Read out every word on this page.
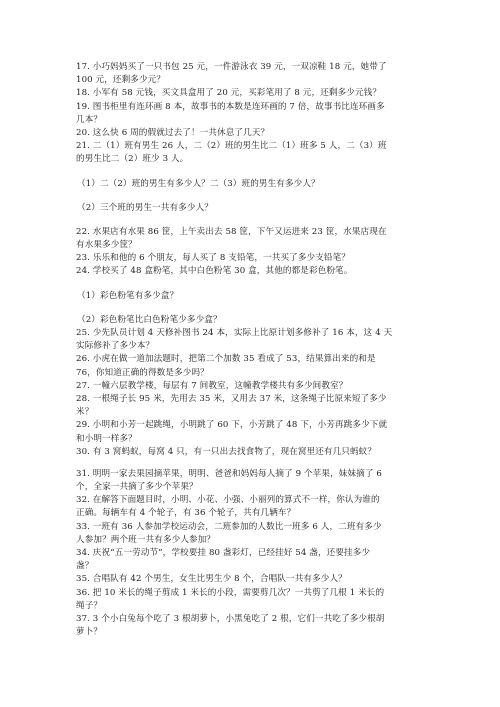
17. 小巧妈妈买了一只书包 25 元，一件游泳衣 39 元，一双凉鞋 18 元，她带了
100 元，还剩多少元？
18. 小军有 58 元钱，买文具盒用了 20 元，买彩笔用了 8 元，还剩多少元钱？
19. 图书柜里有连环画 8 本，故事书的本数是连环画的 7 倍，故事书比连环画多
几本？
20. 这么快 6 周的假就过去了！一共休息了几天？
21. 二（1）班有男生 26 人，二（2）班的男生比二（1）班多 5 人，二（3）班
的男生比二（2）班少 3 人。
（1）二（2）班的男生有多少人？二（3）班的男生有多少人？
（2）三个班的男生一共有多少人？
22. 水果店有水果 86 筐，上午卖出去 58 筐，下午又运进来 23 筐，水果店现在
有水果多少筐？
23. 乐乐和他的 6 个朋友，每人买了 8 支铅笔，一共买了多少支铅笔？
24. 学校买了 48 盒粉笔，其中白色粉笔 30 盒，其他的都是彩色粉笔。
（1）彩色粉笔有多少盒？
（2）彩色粉笔比白色粉笔少多少盒？
25. 少先队员计划 4 天修补图书 24 本，实际上比原计划多修补了 16 本，这 4 天
实际修补了多少本？
26. 小虎在做一道加法题时，把第二个加数 35 看成了 53，结果算出来的和是
76，你知道正确的得数是多少吗？
27. 一幢六层教学楼，每层有 7 间教室，这幢教学楼共有多少间教室？
28. 一根绳子长 95 米，先用去 35 米，又用去 37 米，这条绳子比原来短了多少
米？
29. 小明和小芳一起跳绳，小明跳了 60 下，小芳跳了 48 下，小芳再跳多少下就
和小明一样多？
30. 有 3 窝蚂蚁，每窝 4 只，有一只出去找食物了，现在窝里还有几只蚂蚁？
31. 明明一家去果园摘苹果，明明、爸爸和妈妈每人摘了 9 个苹果，妹妹摘了 6
个，全家一共摘了多少个苹果？
32. 在解答下面题目时，小明、小花、小强、小丽列的算式不一样，你认为谁的
正确。每辆车有 4 个轮子，有 36 个轮子，共有几辆车？
33. 一班有 36 人参加学校运动会，二班参加的人数比一班多 6 人，二班有多少
人参加？两个班一共有多少人参加？
34. 庆祝“五一劳动节”，学校要挂 80 盏彩灯，已经挂好 54 盏，还要挂多少
盏？
35. 合唱队有 42 个男生，女生比男生少 8 个，合唱队一共有多少人？
36. 把 10 米长的绳子剪成 1 米长的小段，需要剪几次？一共剪了几根 1 米长的
绳子？
37. 3 个小白兔每个吃了 3 根胡萝卜，小黑兔吃了 2 根，它们一共吃了多少根胡
萝卜？
